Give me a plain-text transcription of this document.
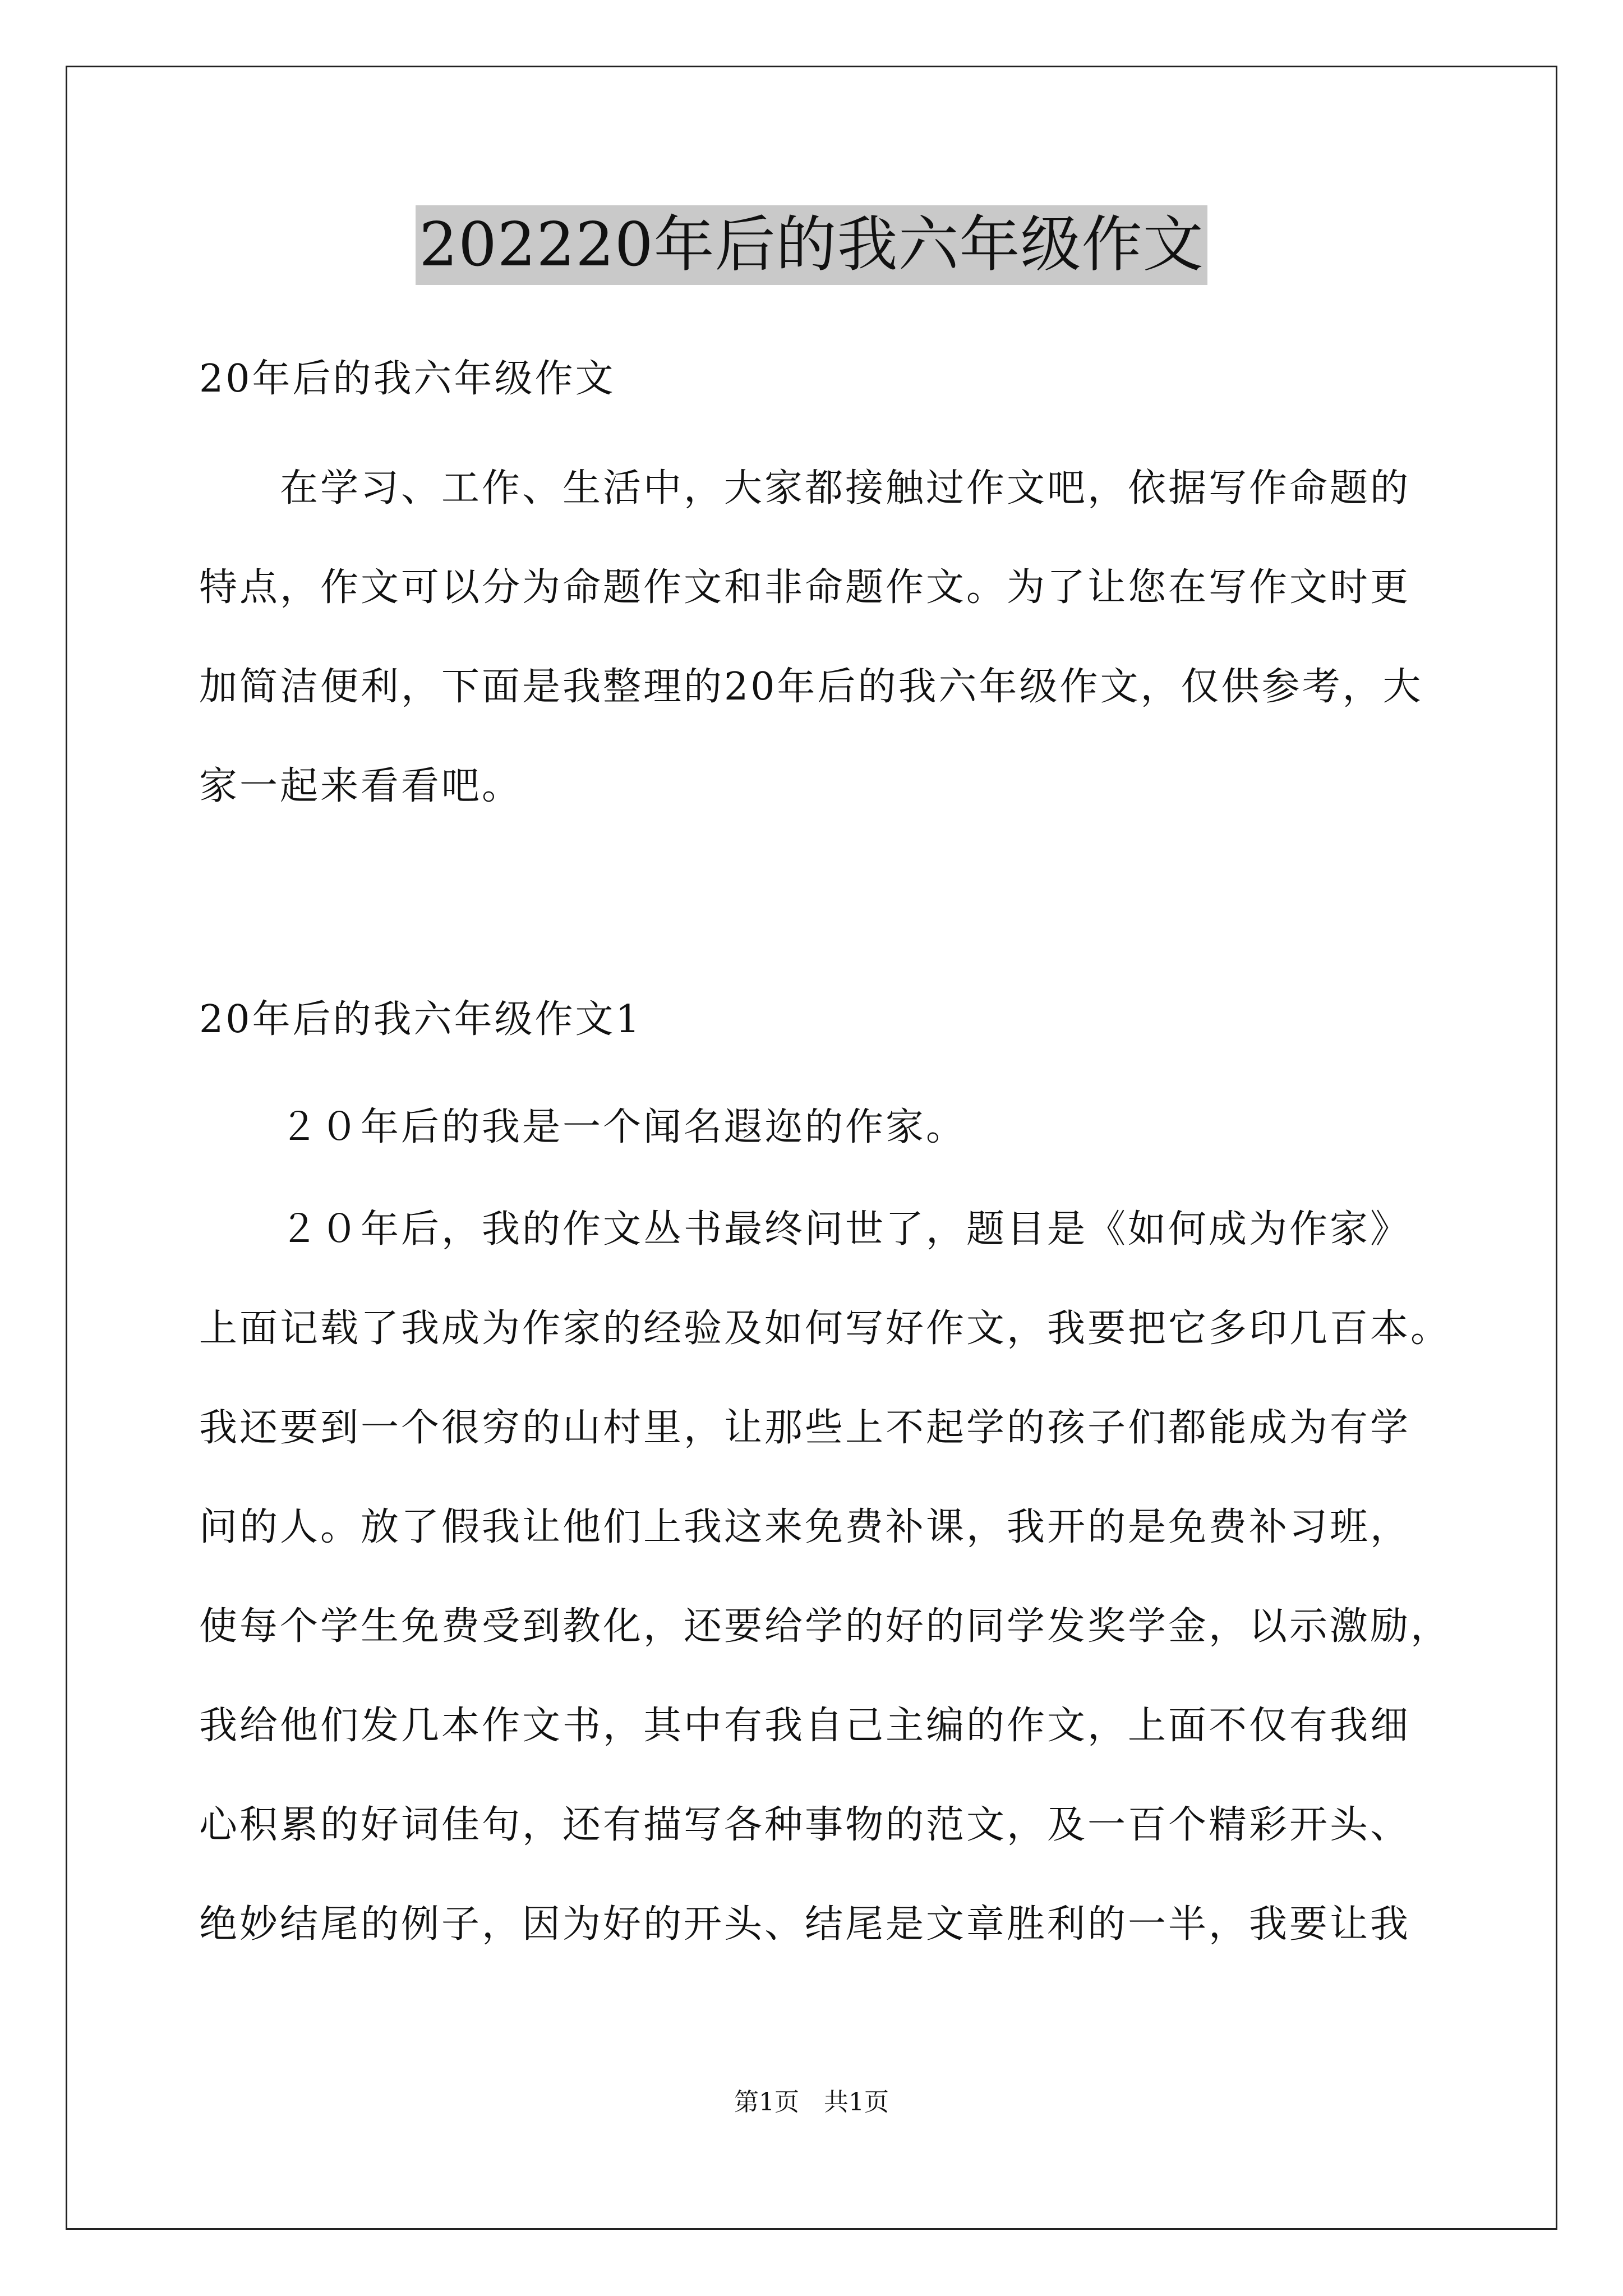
202220年后的我六年级作文
20年后的我六年级作文
　　在学习、工作、生活中，大家都接触过作文吧，依据写作命题的
特点，作文可以分为命题作文和非命题作文。为了让您在写作文时更
加简洁便利，下面是我整理的20年后的我六年级作文，仅供参考，大
家一起来看看吧。
20年后的我六年级作文1
　　２０年后的我是一个闻名遐迩的作家。
　　２０年后，我的作文丛书最终问世了，题目是《如何成为作家》
上面记载了我成为作家的经验及如何写好作文，我要把它多印几百本。
我还要到一个很穷的山村里，让那些上不起学的孩子们都能成为有学
问的人。放了假我让他们上我这来免费补课，我开的是免费补习班，
使每个学生免费受到教化，还要给学的好的同学发奖学金，以示激励，
我给他们发几本作文书，其中有我自己主编的作文，上面不仅有我细
心积累的好词佳句，还有描写各种事物的范文，及一百个精彩开头、
绝妙结尾的例子，因为好的开头、结尾是文章胜利的一半，我要让我
第1页　共1页
